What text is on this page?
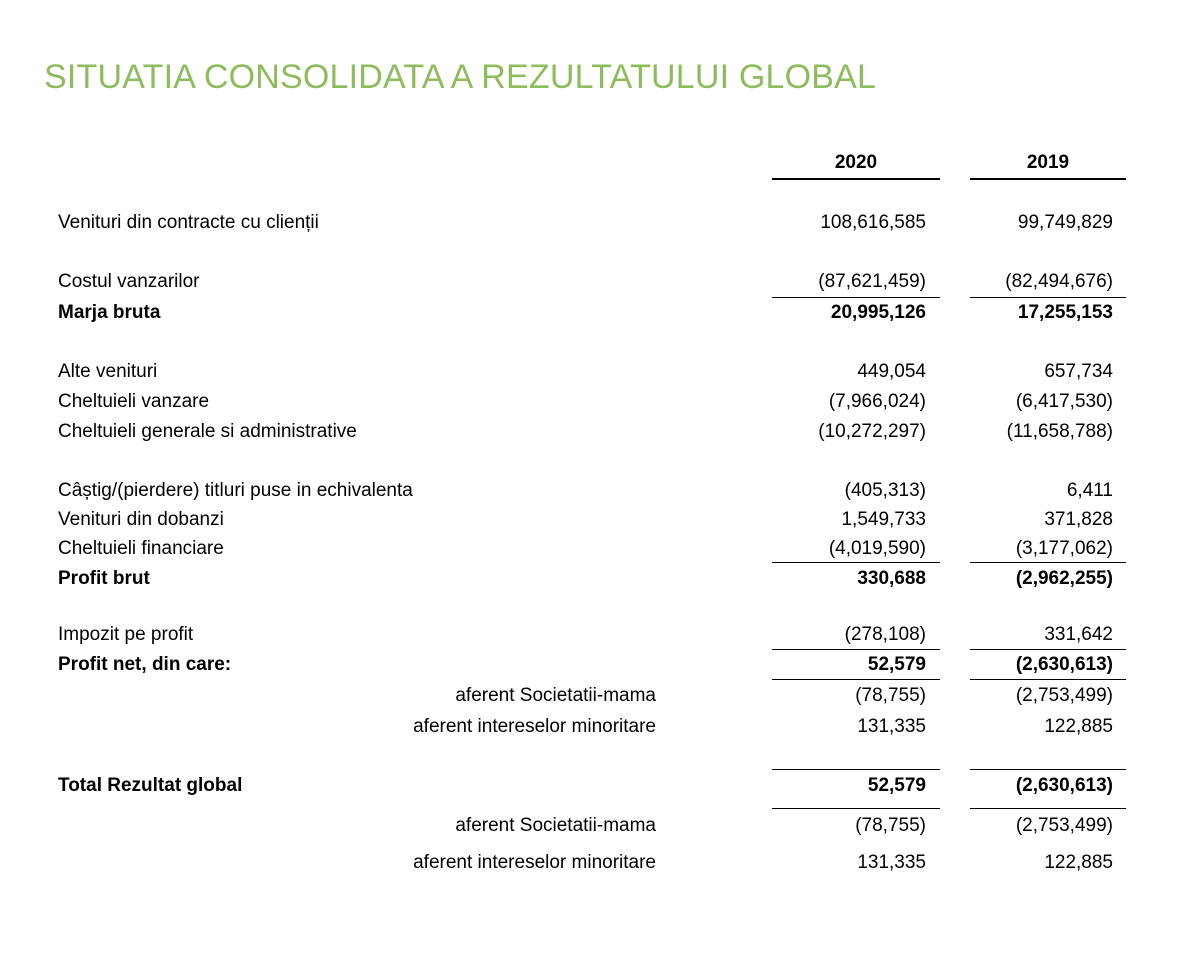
SITUATIA CONSOLIDATA A REZULTATULUI GLOBAL
2020	2019
Venituri din contracte cu clienții	108,616,585	99,749,829
Costul vanzarilor	(87,621,459)	(82,494,676)
Marja bruta	20,995,126	17,255,153
Alte venituri	449,054	657,734
Cheltuieli vanzare	(7,966,024)	(6,417,530)
Cheltuieli generale si administrative	(10,272,297)	(11,658,788)
Câștig/(pierdere) titluri puse in echivalenta	(405,313)	6,411
Venituri din dobanzi	1,549,733	371,828
Cheltuieli financiare	(4,019,590)	(3,177,062)
Profit brut	330,688	(2,962,255)
Impozit pe profit	(278,108)	331,642
Profit net, din care:	52,579	(2,630,613)
aferent Societatii-mama	(78,755)	(2,753,499)
aferent intereselor minoritare	131,335	122,885
Total Rezultat global	52,579	(2,630,613)
aferent Societatii-mama	(78,755)	(2,753,499)
aferent intereselor minoritare	131,335	122,885
